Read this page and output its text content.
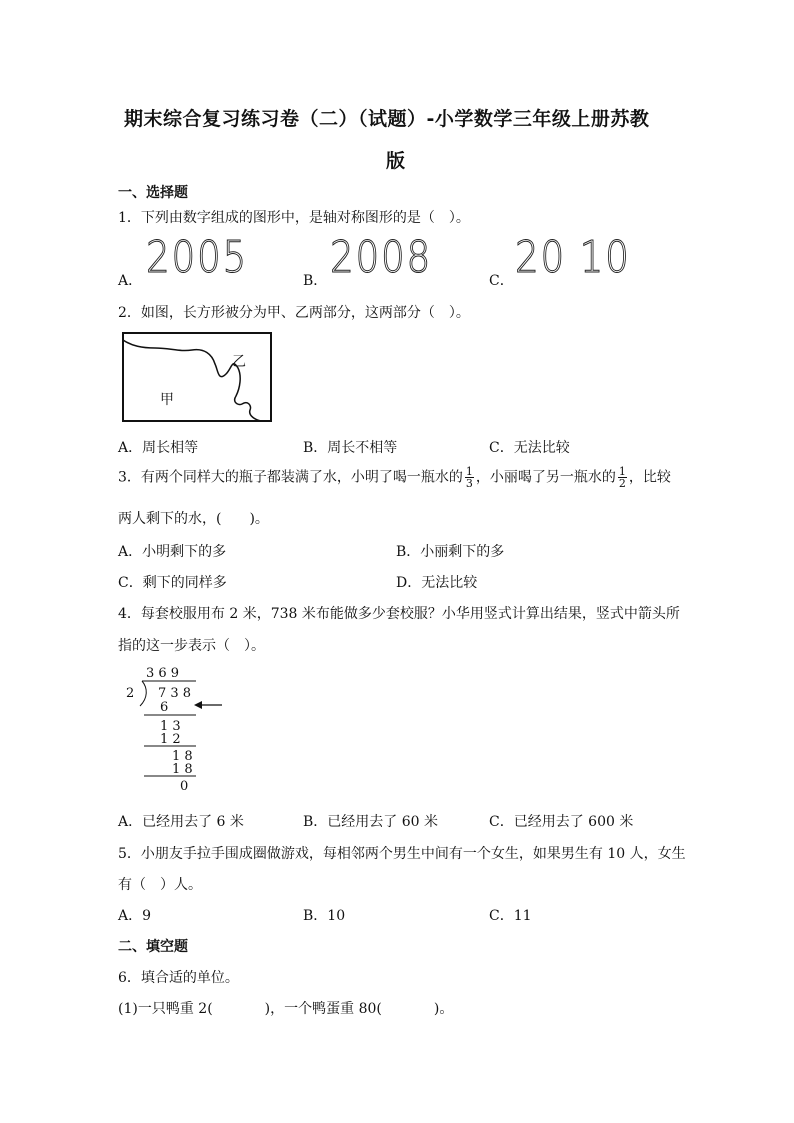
期末综合复习练习卷（二）（试题）-小学数学三年级上册苏教
版
一、选择题
1．下列由数字组成的图形中，是轴对称图形的是（　）。
A． 2005	B． 2008	C． 20 10
2．如图，长方形被分为甲、乙两部分，这两部分（　）。
乙
甲
A．周长相等	B．周长不相等	C．无法比较
3．有两个同样大的瓶子都装满了水，小明了喝一瓶水的 $\frac{1}{3}$ ，小丽喝了另一瓶水的 $\frac{1}{2}$ ，比较
两人剩下的水，(　　)。
A．小明剩下的多	B．小丽剩下的多
C．剩下的同样多	D．无法比较
4．每套校服用布 2 米，738 米布能做多少套校服？小华用竖式计算出结果，竖式中箭头所
指的这一步表示（　）。
3 6 9
2 7 3 8
6
1 3
1 2
1 8
1 8
0
A．已经用去了 6 米	B．已经用去了 60 米	C．已经用去了 600 米
5．小朋友手拉手围成圈做游戏，每相邻两个男生中间有一个女生，如果男生有 10 人，女生
有（　）人。
A．9	B．10	C．11
二、填空题
6．填合适的单位。
(1)一只鸭重 2(	)，一个鸭蛋重 80(	)。
